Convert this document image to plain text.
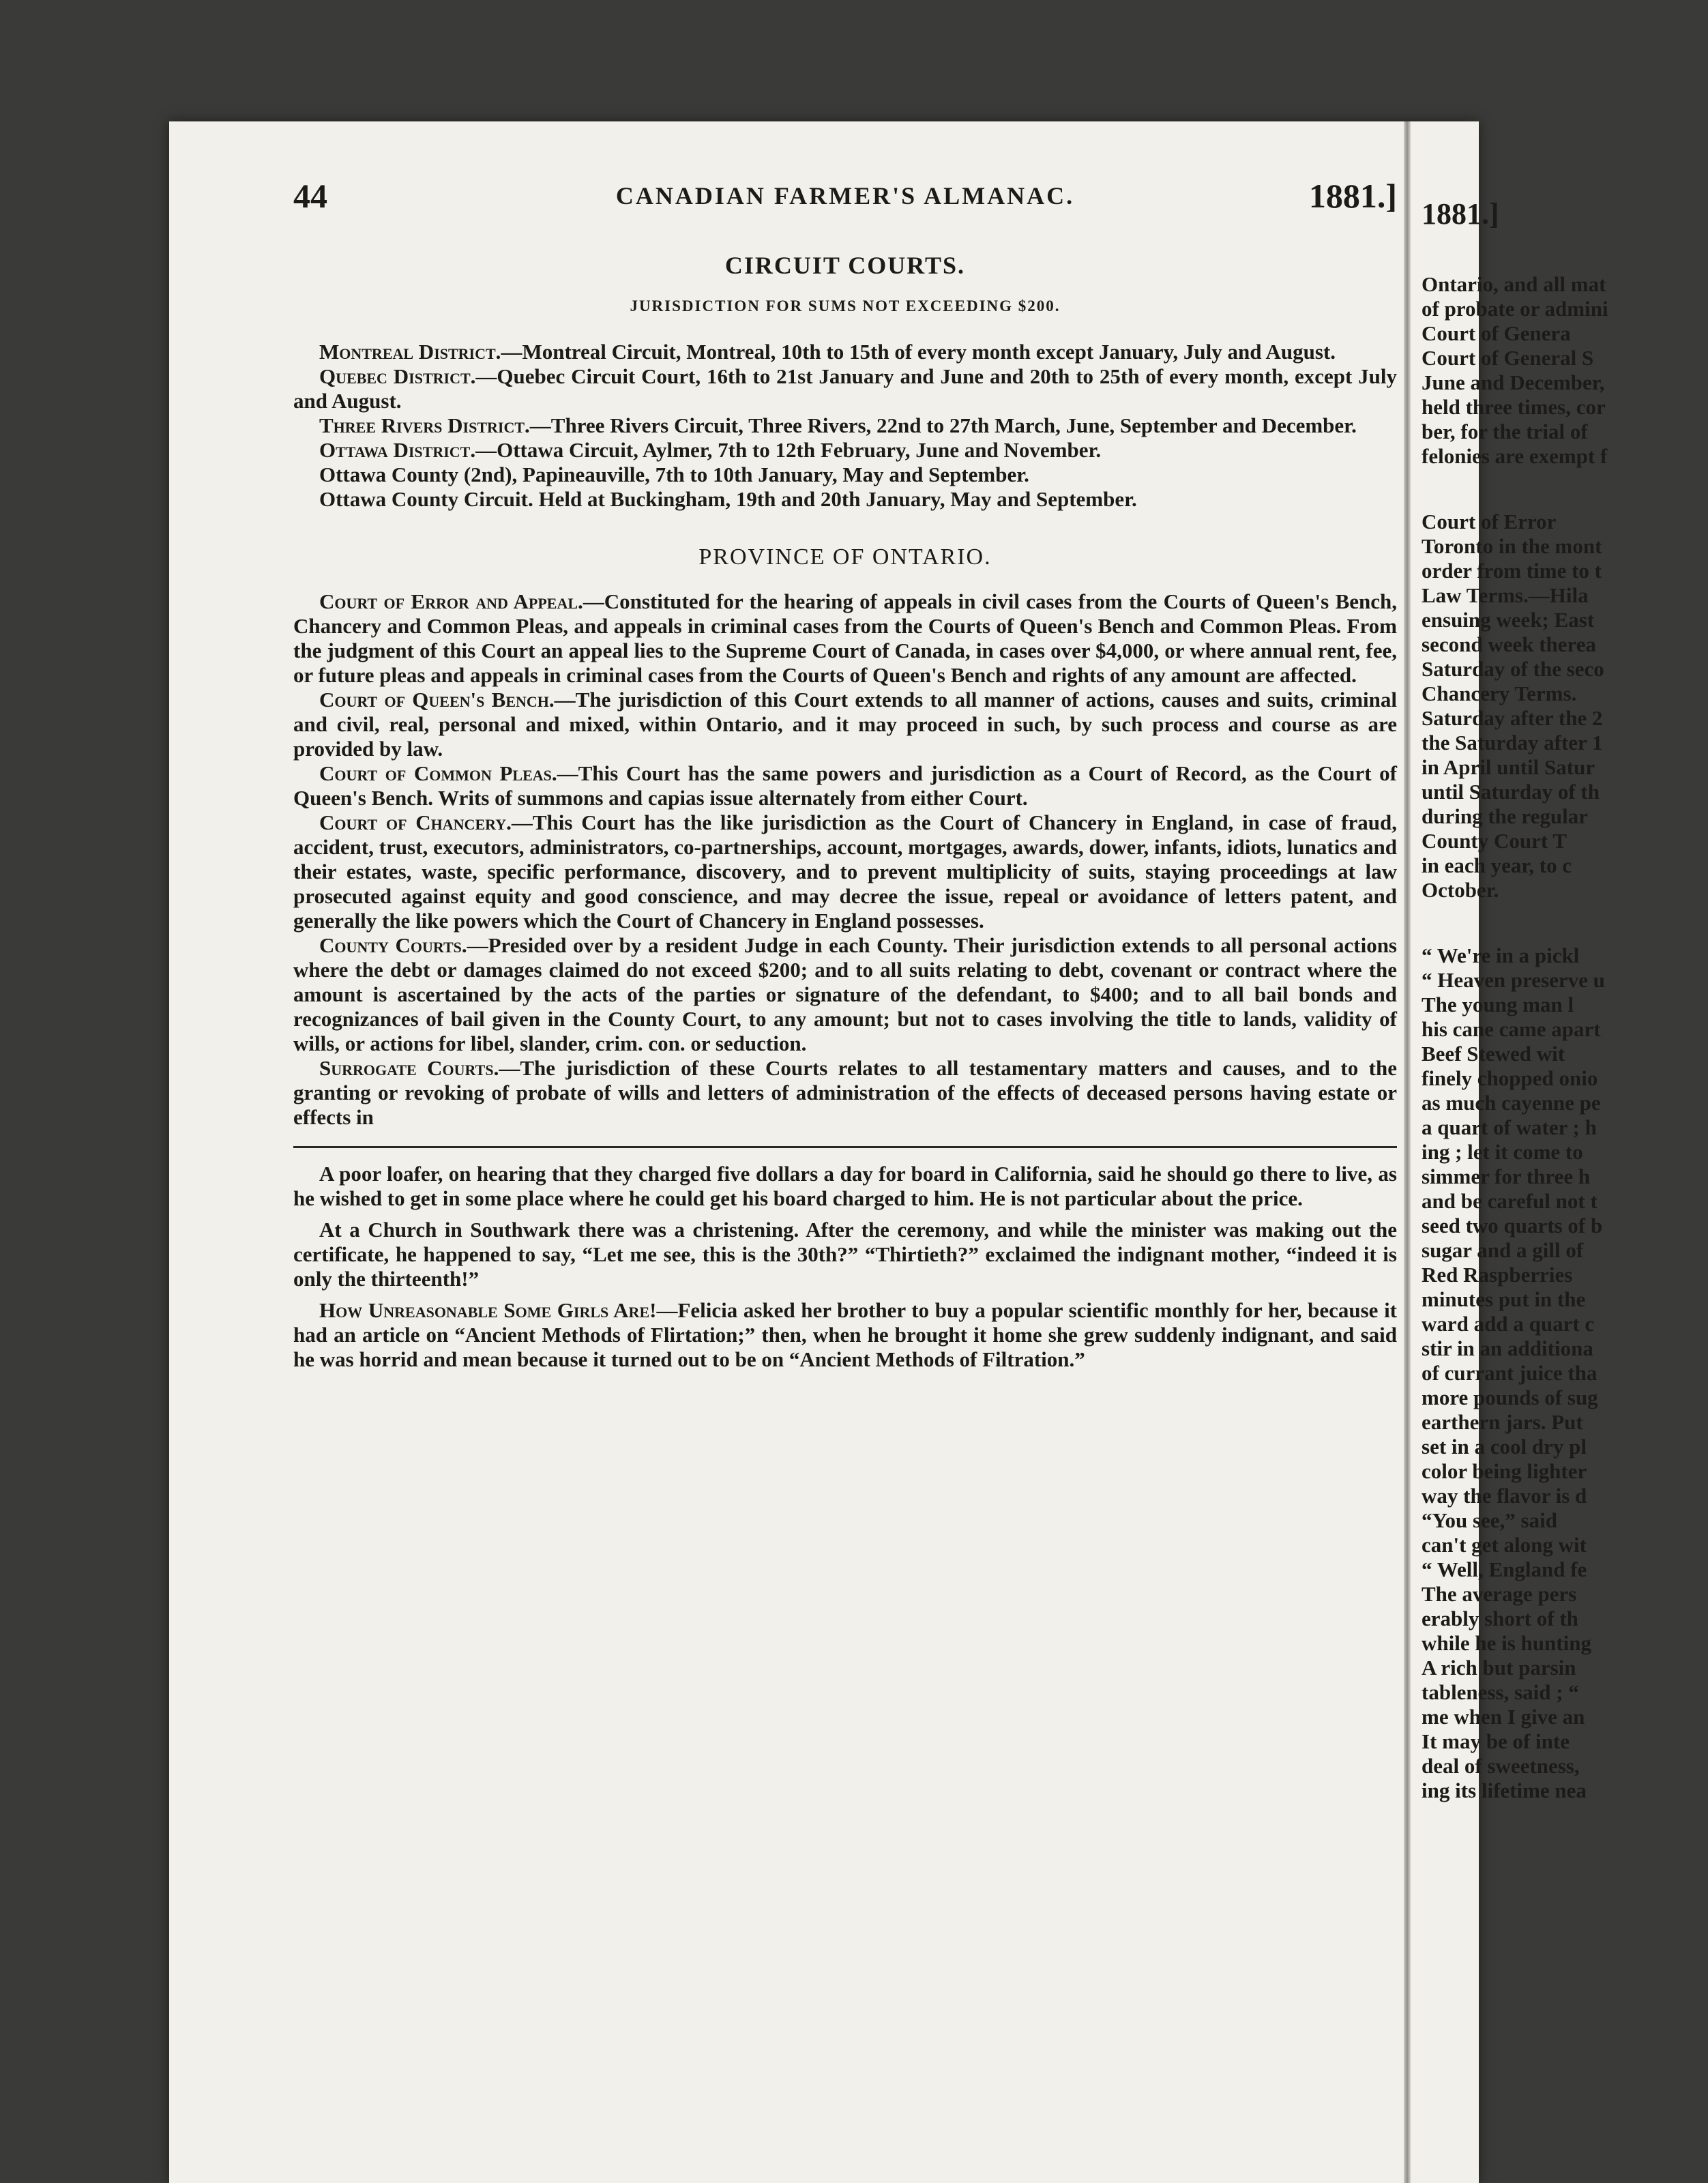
44	CANADIAN FARMER'S ALMANAC.	1881.]
CIRCUIT COURTS.
JURISDICTION FOR SUMS NOT EXCEEDING $200.

Montreal District.—Montreal Circuit, Montreal, 10th to 15th of every month except January, July and August.

Quebec District.—Quebec Circuit Court, 16th to 21st January and June and 20th to 25th of every month, except July and August.

Three Rivers District.—Three Rivers Circuit, Three Rivers, 22nd to 27th March, June, September and December.

Ottawa District.—Ottawa Circuit, Aylmer, 7th to 12th February, June and November.

Ottawa County (2nd), Papineauville, 7th to 10th January, May and September.

Ottawa County Circuit. Held at Buckingham, 19th and 20th January, May and September.

PROVINCE OF ONTARIO.

Court of Error and Appeal.—Constituted for the hearing of appeals in civil cases from the Courts of Queen's Bench, Chancery and Common Pleas, and appeals in criminal cases from the Courts of Queen's Bench and Common Pleas. From the judgment of this Court an appeal lies to the Supreme Court of Canada, in cases over $4,000, or where annual rent, fee, or future pleas and appeals in criminal cases from the Courts of Queen's Bench and rights of any amount are affected.

Court of Queen's Bench.—The jurisdiction of this Court extends to all manner of actions, causes and suits, criminal and civil, real, personal and mixed, within Ontario, and it may proceed in such, by such process and course as are provided by law.

Court of Common Pleas.—This Court has the same powers and jurisdiction as a Court of Record, as the Court of Queen's Bench. Writs of summons and capias issue alternately from either Court.

Court of Chancery.—This Court has the like jurisdiction as the Court of Chancery in England, in case of fraud, accident, trust, executors, administrators, co-partnerships, account, mortgages, awards, dower, infants, idiots, lunatics and their estates, waste, specific performance, discovery, and to prevent multiplicity of suits, staying proceedings at law prosecuted against equity and good conscience, and may decree the issue, repeal or avoidance of letters patent, and generally the like powers which the Court of Chancery in England possesses.

County Courts.—Presided over by a resident Judge in each County. Their jurisdiction extends to all personal actions where the debt or damages claimed do not exceed $200; and to all suits relating to debt, covenant or contract where the amount is ascertained by the acts of the parties or signature of the defendant, to $400; and to all bail bonds and recognizances of bail given in the County Court, to any amount; but not to cases involving the title to lands, validity of wills, or actions for libel, slander, crim. con. or seduction.

Surrogate Courts.—The jurisdiction of these Courts relates to all testamentary matters and causes, and to the granting or revoking of probate of wills and letters of administration of the effects of deceased persons having estate or effects in

A poor loafer, on hearing that they charged five dollars a day for board in California, said he should go there to live, as he wished to get in some place where he could get his board charged to him. He is not particular about the price.

At a Church in Southwark there was a christening. After the ceremony, and while the minister was making out the certificate, he happened to say, “Let me see, this is the 30th?” “Thirtieth?” exclaimed the indignant mother, “indeed it is only the thirteenth!”

How Unreasonable Some Girls Are!—Felicia asked her brother to buy a popular scientific monthly for her, because it had an article on “Ancient Methods of Flirtation;” then, when he brought it home she grew suddenly indignant, and said he was horrid and mean because it turned out to be on “Ancient Methods of Filtration.”

1881.]
Ontario, and all mat
of probate or admini
Court of Genera
Court of General S
June and December,
held three times, cor
ber, for the trial of
felonies are exempt f
Court of Error
Toronto in the mont
order from time to t
Law Terms.—Hila
ensuing week; East
second week therea
Saturday of the seco
Chancery Terms.
Saturday after the 2
the Saturday after 1
in April until Satur
until Saturday of th
during the regular
County Court T
in each year, to c
October.
“ We're in a pickl
“ Heaven preserve u
The young man l
his cane came apart
Beef Stewed wit
finely chopped onio
as much cayenne pe
a quart of water ; h
ing ; let it come to
simmer for three h
and be careful not t
seed two quarts of b
sugar and a gill of
Red Raspberries
minutes put in the
ward add a quart c
stir in an additiona
of currant juice tha
more pounds of sug
earthern jars. Put
set in a cool dry pl
color being lighter
way the flavor is d
“You see,” said
can't get along wit
“ Well, England fe
The average pers
erably short of th
while he is hunting
A rich but parsin
tableness, said ; “
me when I give an
It may be of inte
deal of sweetness,
ing its lifetime nea
